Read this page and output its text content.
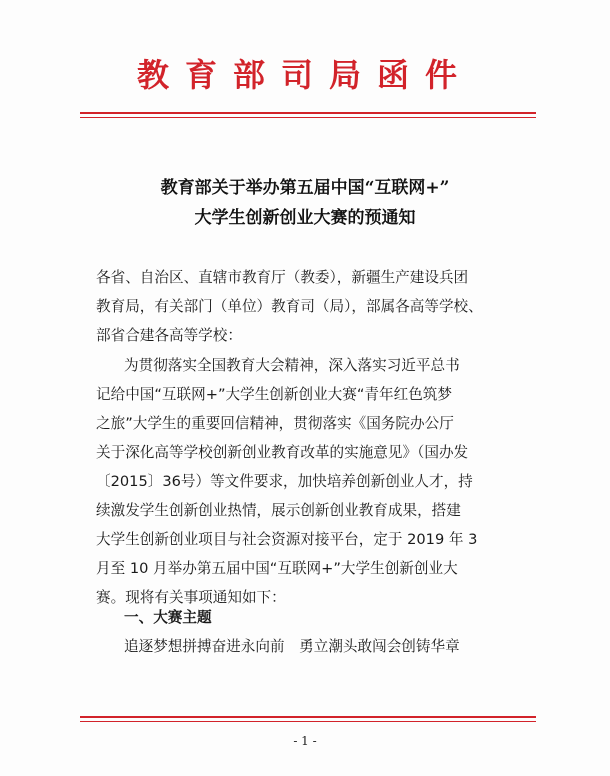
教育部司局函件
教育部关于举办第五届中国“互联网+”
大学生创新创业大赛的预通知
各省、自治区、直辖市教育厅（教委），新疆生产建设兵团
教育局，有关部门（单位）教育司（局），部属各高等学校、
部省合建各高等学校：
为贯彻落实全国教育大会精神，深入落实习近平总书
记给中国“互联网+”大学生创新创业大赛“青年红色筑梦
之旅”大学生的重要回信精神，贯彻落实《国务院办公厅
关于深化高等学校创新创业教育改革的实施意见》（国办发
〔2015〕36号）等文件要求，加快培养创新创业人才，持
续激发学生创新创业热情，展示创新创业教育成果，搭建
大学生创新创业项目与社会资源对接平台，定于 2019 年 3
月至 10 月举办第五届中国“互联网+”大学生创新创业大
赛。现将有关事项通知如下：
一、大赛主题
追逐梦想拼搏奋进永向前　勇立潮头敢闯会创铸华章
- 1 -
